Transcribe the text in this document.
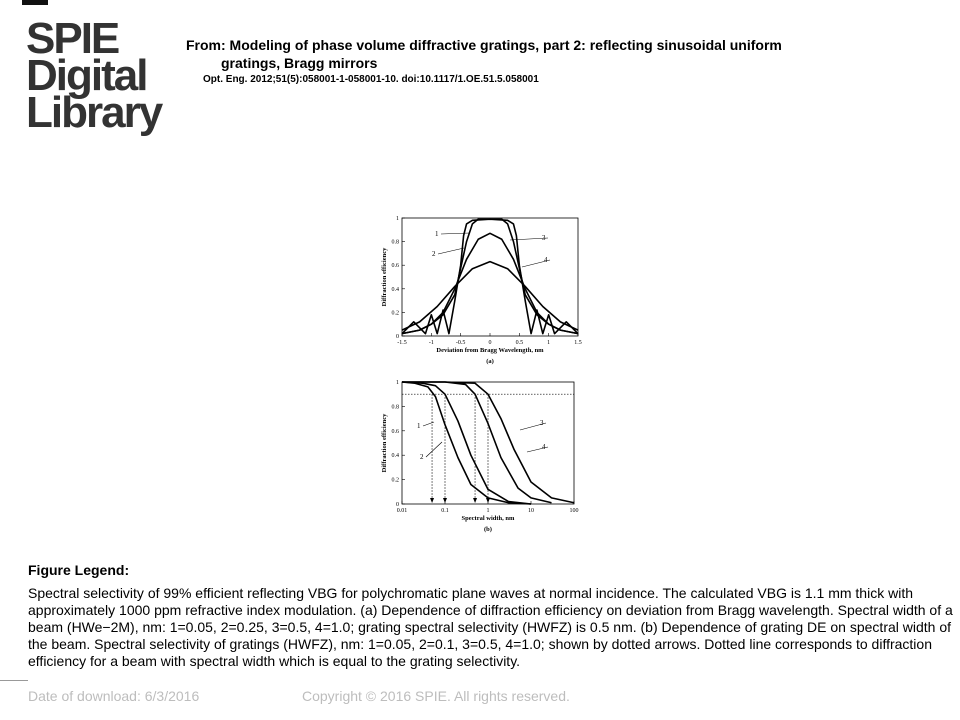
SPIE
Digital
Library
From: Modeling of phase volume diffractive gratings, part 2: reflecting sinusoidal uniform
gratings, Bragg mirrors
Opt. Eng. 2012;51(5):058001-1-058001-10. doi:10.1117/1.OE.51.5.058001
-1.5	-1	-0.5	0	0.5	1	1.5
0
0.2
0.4
0.6
0.8
1
Deviation from Bragg Wavelength, nm
Diffraction efficiency
(a)
1
2
4
0.01	0.1	1	10	100
0
0.2
0.4
0.6
0.8
1
Spectral width, nm
Diffraction efficiency
(b)
1
2
3
4
Figure Legend:
Spectral selectivity of 99% efficient reflecting VBG for polychromatic plane waves at normal incidence. The calculated VBG is 1.1 mm thick with approximately 1000 ppm refractive index modulation. (a) Dependence of diffraction efficiency on deviation from Bragg wavelength. Spectral width of a beam (HWe−2M), nm: 1=0.05, 2=0.25, 3=0.5, 4=1.0; grating spectral selectivity (HWFZ) is 0.5 nm. (b) Dependence of grating DE on spectral width of the beam. Spectral selectivity of gratings (HWFZ), nm: 1=0.05, 2=0.1, 3=0.5, 4=1.0; shown by dotted arrows. Dotted line corresponds to diffraction efficiency for a beam with spectral width which is equal to the grating selectivity.
Date of download: 6/3/2016	Copyright © 2016 SPIE. All rights reserved.
